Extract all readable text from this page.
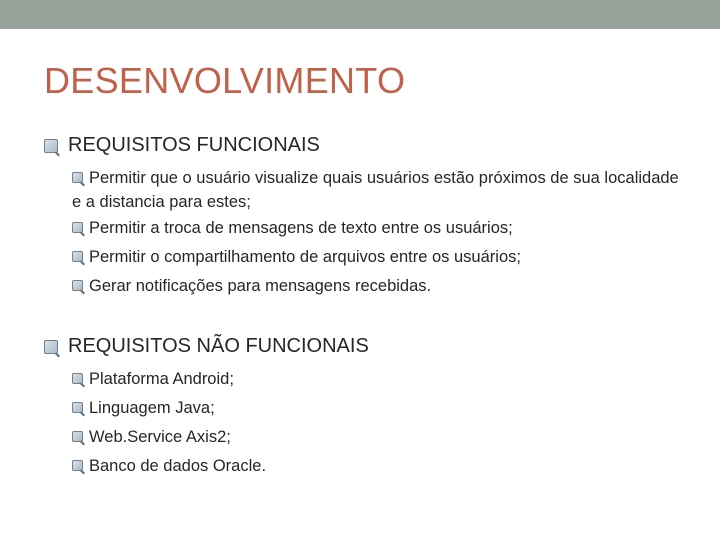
DESENVOLVIMENTO
REQUISITOS FUNCIONAIS
Permitir que o usuário visualize quais usuários estão próximos de sua localidade e a distancia para estes;
Permitir a troca de mensagens de texto entre os usuários;
Permitir o compartilhamento de arquivos entre os usuários;
Gerar notificações para mensagens recebidas.
REQUISITOS NÃO FUNCIONAIS
Plataforma Android;
Linguagem Java;
Web.Service Axis2;
Banco de dados Oracle.
